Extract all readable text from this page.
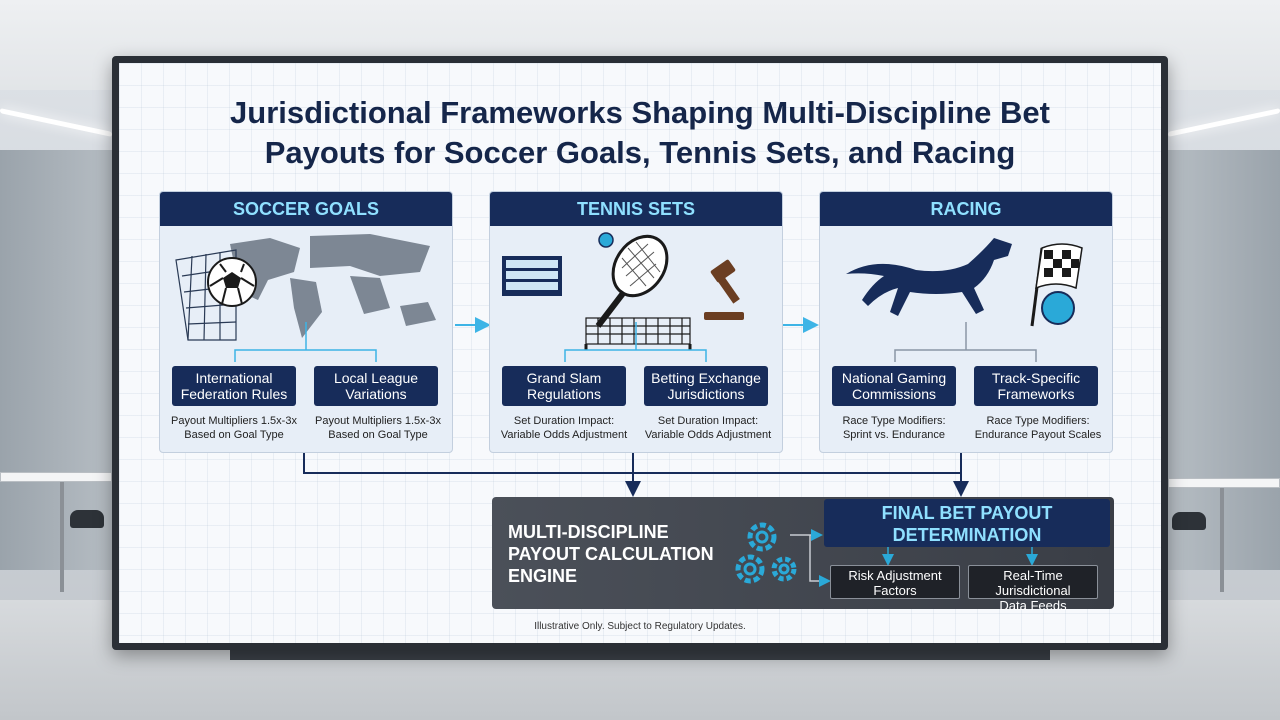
Jurisdictional Frameworks Shaping Multi-Discipline Bet
Payouts for Soccer Goals, Tennis Sets, and Racing
SOCCER GOALS
International
Federation Rules
Local League
Variations
Payout Multipliers 1.5x-3x
Based on Goal Type
Payout Multipliers 1.5x-3x
Based on Goal Type
TENNIS SETS
Grand Slam
Regulations
Betting Exchange
Jurisdictions
Set Duration Impact:
Variable Odds Adjustment
Set Duration Impact:
Variable Odds Adjustment
RACING
National Gaming
Commissions
Track-Specific
Frameworks
Race Type Modifiers:
Sprint vs. Endurance
Race Type Modifiers:
Endurance Payout Scales
MULTI-DISCIPLINE
PAYOUT CALCULATION
ENGINE
FINAL BET PAYOUT
DETERMINATION
Risk Adjustment
Factors
Real-Time Jurisdictional
Data Feeds
Illustrative Only. Subject to Regulatory Updates.
